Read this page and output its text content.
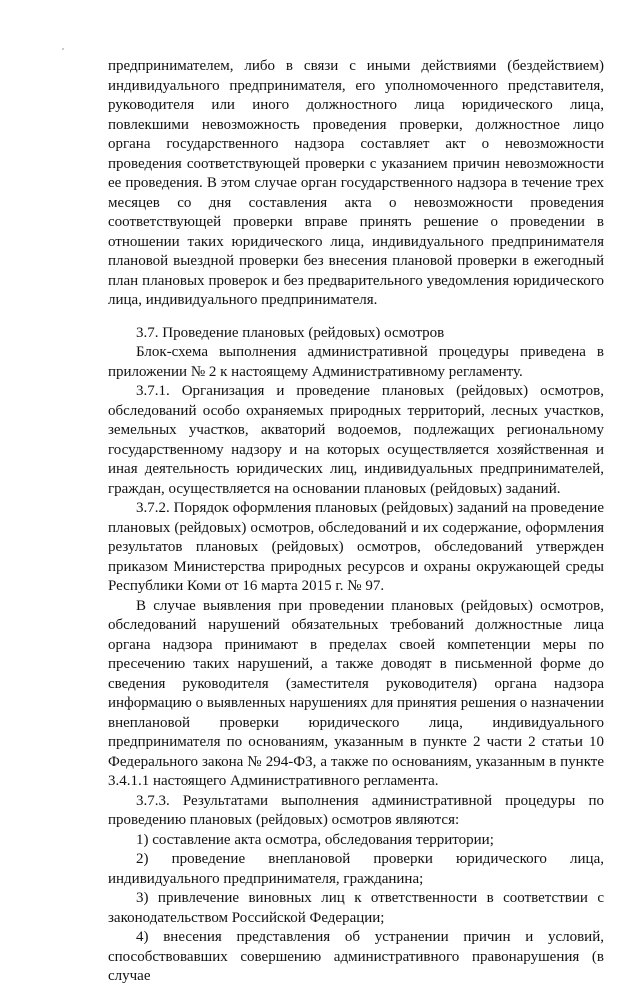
предпринимателем, либо в связи с иными действиями (бездействием) индивидуального предпринимателя, его уполномоченного представителя, руководителя или иного должностного лица юридического лица, повлекшими невозможность проведения проверки, должностное лицо органа государственного надзора составляет акт о невозможности проведения соответствующей проверки с указанием причин невозможности ее проведения. В этом случае орган государственного надзора в течение трех месяцев со дня составления акта о невозможности проведения соответствующей проверки вправе принять решение о проведении в отношении таких юридического лица, индивидуального предпринимателя плановой выездной проверки без внесения плановой проверки в ежегодный план плановых проверок и без предварительного уведомления юридического лица, индивидуального предпринимателя.

3.7. Проведение плановых (рейдовых) осмотров

Блок-схема выполнения административной процедуры приведена в приложении № 2 к настоящему Административному регламенту.

3.7.1. Организация и проведение плановых (рейдовых) осмотров, обследований особо охраняемых природных территорий, лесных участков, земельных участков, акваторий водоемов, подлежащих региональному государственному надзору и на которых осуществляется хозяйственная и иная деятельность юридических лиц, индивидуальных предпринимателей, граждан, осуществляется на основании плановых (рейдовых) заданий.

3.7.2. Порядок оформления плановых (рейдовых) заданий на проведение плановых (рейдовых) осмотров, обследований и их содержание, оформления результатов плановых (рейдовых) осмотров, обследований утвержден приказом Министерства природных ресурсов и охраны окружающей среды Республики Коми от 16 марта 2015 г. № 97.

В случае выявления при проведении плановых (рейдовых) осмотров, обследований нарушений обязательных требований должностные лица органа надзора принимают в пределах своей компетенции меры по пресечению таких нарушений, а также доводят в письменной форме до сведения руководителя (заместителя руководителя) органа надзора информацию о выявленных нарушениях для принятия решения о назначении внеплановой проверки юридического лица, индивидуального предпринимателя по основаниям, указанным в пункте 2 части 2 статьи 10 Федерального закона № 294-ФЗ, а также по основаниям, указанным в пункте 3.4.1.1 настоящего Административного регламента.

3.7.3. Результатами выполнения административной процедуры по проведению плановых (рейдовых) осмотров являются:

1) составление акта осмотра, обследования территории;

2) проведение внеплановой проверки юридического лица, индивидуального предпринимателя, гражданина;

3) привлечение виновных лиц к ответственности в соответствии с законодательством Российской Федерации;

4) внесения представления об устранении причин и условий, способствовавших совершению административного правонарушения (в случае
